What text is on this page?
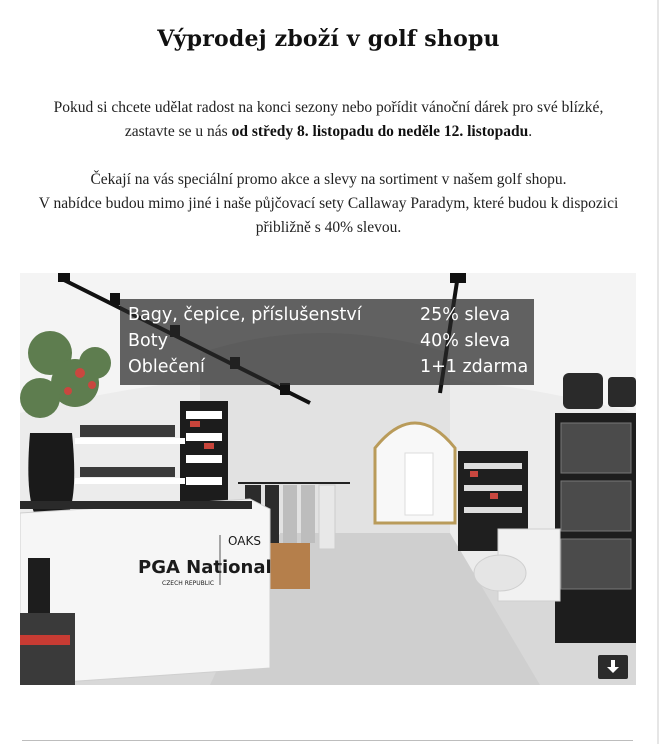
Výprodej zboží v golf shopu
Pokud si chcete udělat radost na konci sezony nebo pořídit vánoční dárek pro své blízké, zastavte se u nás od středy 8. listopadu do neděle 12. listopadu.
Čekají na vás speciální promo akce a slevy na sortiment v našem golf shopu.
V nabídce budou mimo jiné i naše půjčovací sety Callaway Paradym, které budou k dispozici přibližně s 40% slevou.
PGA National
CZECH REPUBLIC
OAKS
Bagy, čepice, příslušenství	25% sleva
Boty	40% sleva
Oblečení	1+1 zdarma
